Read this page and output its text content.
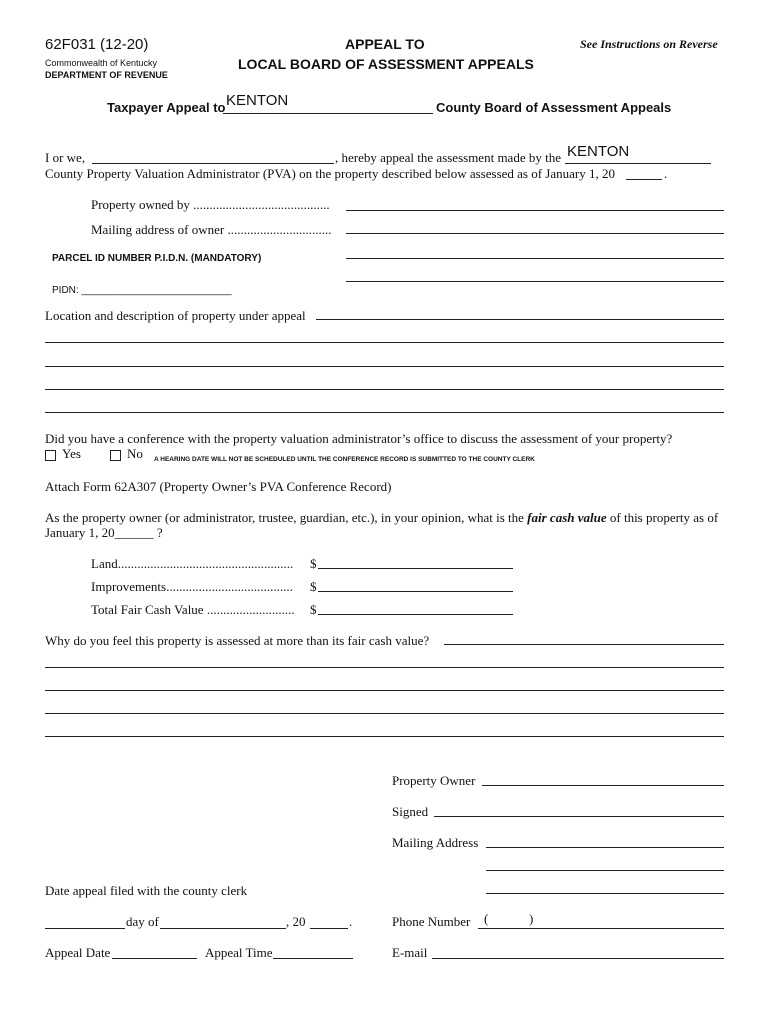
62F031 (12-20)
Commonwealth of Kentucky
DEPARTMENT OF REVENUE
APPEAL TO
LOCAL BOARD OF ASSESSMENT APPEALS
See Instructions on Reverse
Taxpayer Appeal to KENTON	County Board of Assessment Appeals
I or we,	, hereby appeal the assessment made by the KENTON
County Property Valuation Administrator (PVA) on the property described below assessed as of January 1, 20	.
Property owned by ..........................................
Mailing address of owner ................................
PARCEL ID NUMBER P.I.D.N. (MANDATORY)
PIDN: ___________________________
Location and description of property under appeal
Did you have a conference with the property valuation administrator’s office to discuss the assessment of your property?
Yes	No A HEARING DATE WILL NOT BE SCHEDULED UNTIL THE CONFERENCE RECORD IS SUBMITTED TO THE COUNTY CLERK
Attach Form 62A307 (Property Owner’s PVA Conference Record)
As the property owner (or administrator, trustee, guardian, etc.), in your opinion, what is the fair cash value of this property as of
January 1, 20______ ?
Land...................................................... $
Improvements....................................... $
Total Fair Cash Value ........................... $
Why do you feel this property is assessed at more than its fair cash value?
Property Owner
Signed
Mailing Address
Date appeal filed with the county clerk
day of	, 20	.	Phone Number (	)
Appeal Date	Appeal Time	E-mail
